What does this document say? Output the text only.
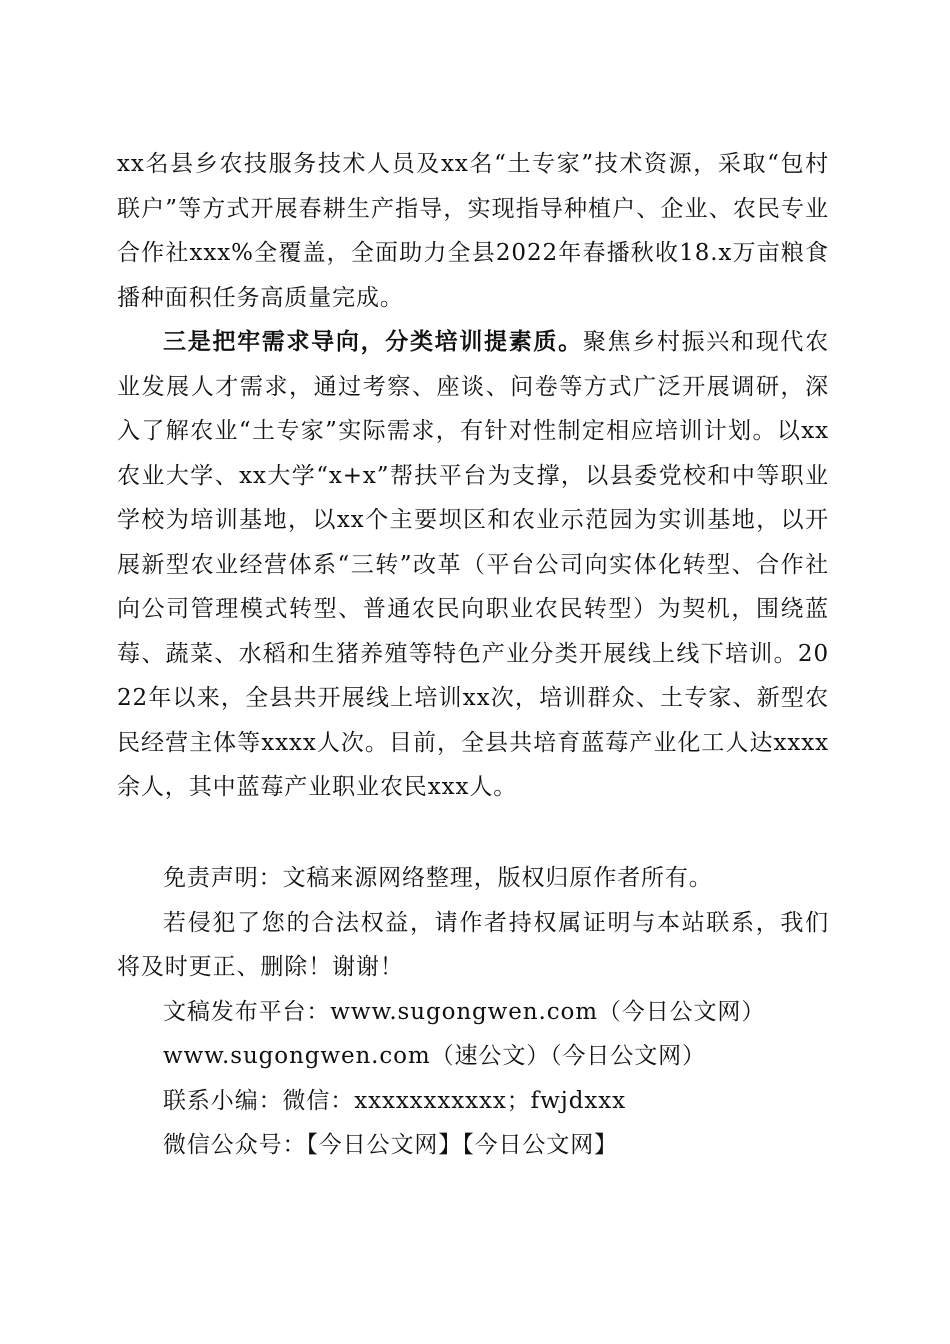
xx名县乡农技服务技术人员及xx名“土专家”技术资源，采取“包村联户”等方式开展春耕生产指导，实现指导种植户、企业、农民专业合作社xxx%全覆盖，全面助力全县2022年春播秋收18.x万亩粮食播种面积任务高质量完成。

三是把牢需求导向，分类培训提素质。聚焦乡村振兴和现代农业发展人才需求，通过考察、座谈、问卷等方式广泛开展调研，深入了解农业“土专家”实际需求，有针对性制定相应培训计划。以xx农业大学、xx大学“x+x”帮扶平台为支撑，以县委党校和中等职业学校为培训基地，以xx个主要坝区和农业示范园为实训基地，以开展新型农业经营体系“三转”改革（平台公司向实体化转型、合作社向公司管理模式转型、普通农民向职业农民转型）为契机，围绕蓝莓、蔬菜、水稻和生猪养殖等特色产业分类开展线上线下培训。2022年以来，全县共开展线上培训xx次，培训群众、土专家、新型农民经营主体等xxxx人次。目前，全县共培育蓝莓产业化工人达xxxx余人，其中蓝莓产业职业农民xxx人。

免责声明：文稿来源网络整理，版权归原作者所有。

若侵犯了您的合法权益，请作者持权属证明与本站联系，我们将及时更正、删除！谢谢！

文稿发布平台：www.sugongwen.com（今日公文网）

www.sugongwen.com（速公文）（今日公文网）

联系小编：微信：xxxxxxxxxxx；fwjdxxx

微信公众号：【今日公文网】【今日公文网】
